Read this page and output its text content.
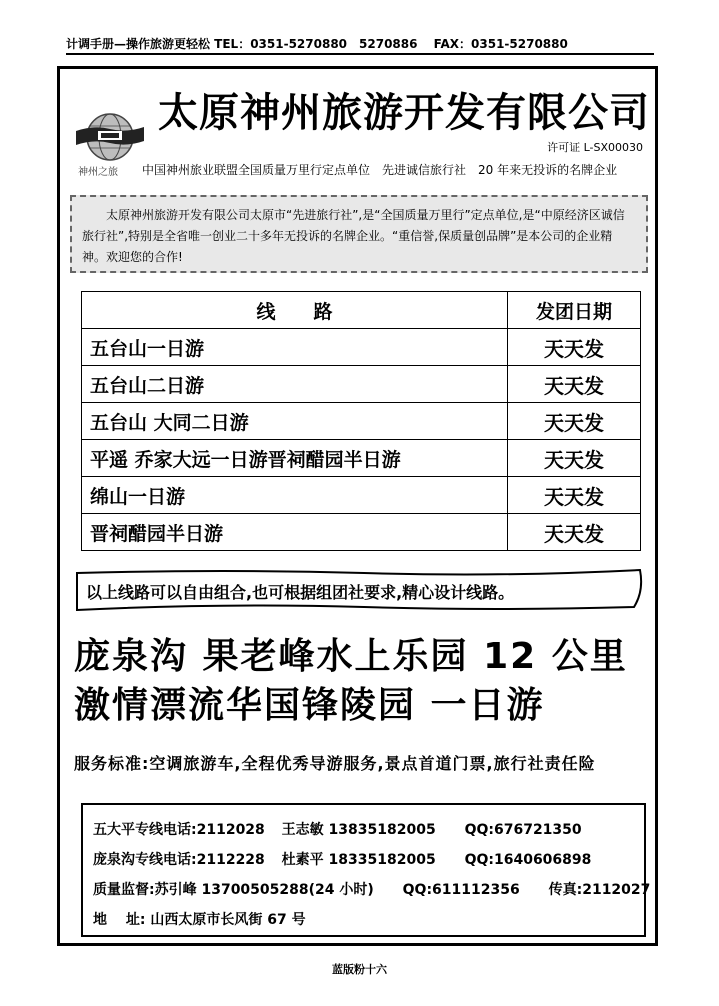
计调手册—操作旅游更轻松 TEL：0351-5270880　5270886　 FAX：0351-5270880
神州之旅
太原神州旅游开发有限公司
许可证 L-SX00030
中国神州旅业联盟全国质量万里行定点单位　先进诚信旅行社　20 年来无投诉的名牌企业
太原神州旅游开发有限公司太原市“先进旅行社”,是“全国质量万里行”定点单位,是“中原经济区诚信旅行社”,特别是全省唯一创业二十多年无投诉的名牌企业。“重信誉,保质量创品牌”是本公司的企业精神。欢迎您的合作!
线　　路	发团日期
五台山一日游	天天发
五台山二日游	天天发
五台山 大同二日游	天天发
平遥 乔家大远一日游晋祠醋园半日游	天天发
绵山一日游	天天发
晋祠醋园半日游	天天发
以上线路可以自由组合,也可根据组团社要求,精心设计线路。
庞泉沟 果老峰水上乐园 12 公里激情漂流华国锋陵园 一日游
服务标准:空调旅游车,全程优秀导游服务,景点首道门票,旅行社责任险
五大平专线电话:2112028 王志敏 13835182005 QQ:676721350
庞泉沟专线电话:2112228 杜素平 18335182005 QQ:1640606898
质量监督:苏引峰 13700505288(24 小时) QQ:611112356 传真:2112027
地　 址: 山西太原市长风街 67 号
蓝版粉十六
